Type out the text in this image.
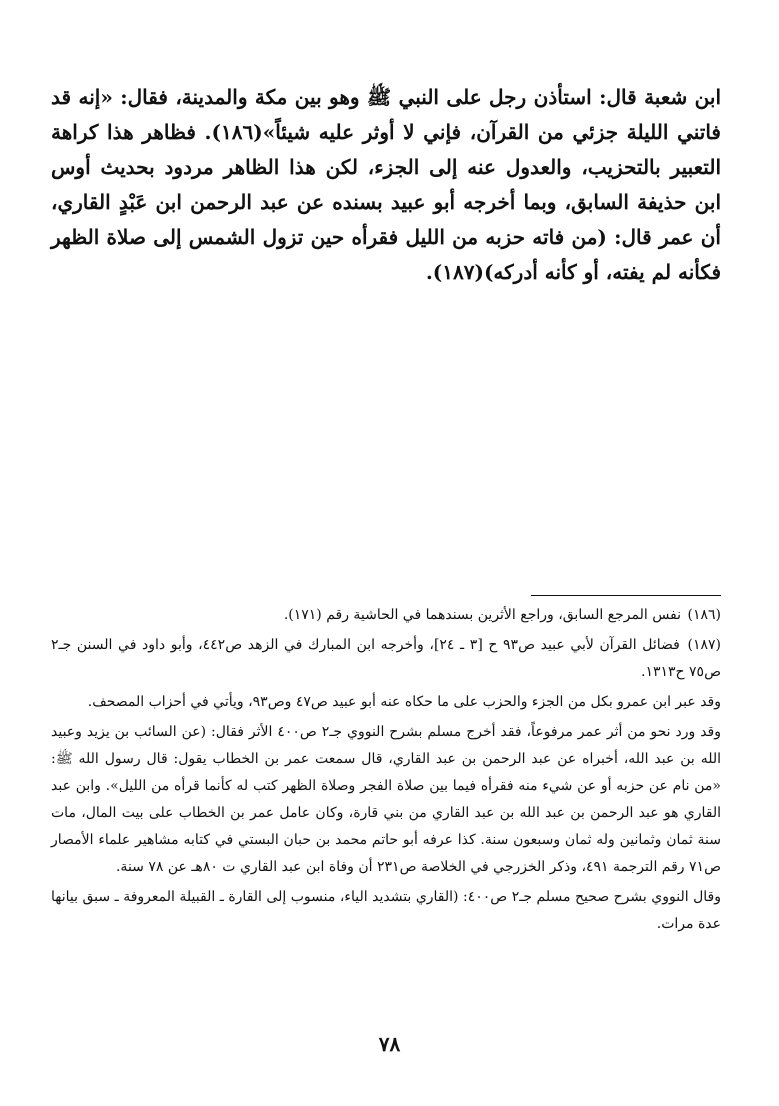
ابن شعبة قال: استأذن رجل على النبي ﷺ وهو بين مكة والمدينة، فقال: «إنه قد فاتني الليلة جزئي من القرآن، فإني لا أوثر عليه شيئاً»(١٨٦). فظاهر هذا كراهة التعبير بالتحزيب، والعدول عنه إلى الجزء، لكن هذا الظاهر مردود بحديث أوس ابن حذيفة السابق، وبما أخرجه أبو عبيد بسنده عن عبد الرحمن ابن عَبْدٍ القاري، أن عمر قال: (من فاته حزبه من الليل فقرأه حين تزول الشمس إلى صلاة الظهر فكأنه لم يفته، أو كأنه أدركه)(١٨٧).

(١٨٦) نفس المرجع السابق، وراجع الأثرين بسندهما في الحاشية رقم (١٧١).

(١٨٧) فضائل القرآن لأبي عبيد ص٩٣ ح [٣ ـ ٢٤]، وأخرجه ابن المبارك في الزهد ص٤٤٢، وأبو داود في السنن جـ٢ ص٧٥ ح١٣١٣.

وقد عبر ابن عمرو بكل من الجزء والحزب على ما حكاه عنه أبو عبيد ص٤٧ وص٩٣، ويأتي في أحزاب المصحف.

وقد ورد نحو من أثر عمر مرفوعاً، فقد أخرج مسلم بشرح النووي جـ٢ ص٤٠٠ الأثر فقال: (عن السائب بن يزيد وعبيد الله بن عبد الله، أخبراه عن عبد الرحمن بن عبد القاري، قال سمعت عمر بن الخطاب يقول: قال رسول الله ﷺ: «من نام عن حزبه أو عن شيء منه فقرأه فيما بين صلاة الفجر وصلاة الظهر كتب له كأنما قرأه من الليل». وابن عبد القاري هو عبد الرحمن بن عبد الله بن عبد القاري من بني قارة، وكان عامل عمر بن الخطاب على بيت المال، مات سنة ثمان وثمانين وله ثمان وسبعون سنة. كذا عرفه أبو حاتم محمد بن حبان البستي في كتابه مشاهير علماء الأمصار ص٧١ رقم الترجمة ٤٩١، وذكر الخزرجي في الخلاصة ص٢٣١ أن وفاة ابن عبد القاري ت ٨٠هـ عن ٧٨ سنة.

وقال النووي بشرح صحيح مسلم جـ٢ ص٤٠٠: (القاري بتشديد الياء، منسوب إلى القارة ـ القبيلة المعروفة ـ سبق بيانها عدة مرات.

٧٨
